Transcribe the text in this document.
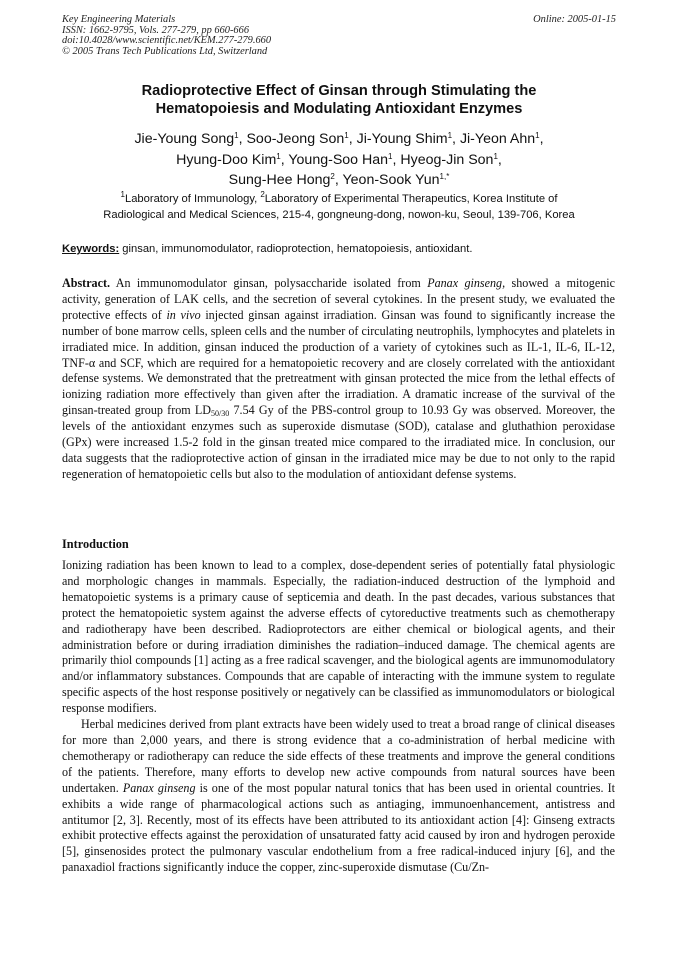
Key Engineering Materials
ISSN: 1662-9795, Vols. 277-279, pp 660-666
doi:10.4028/www.scientific.net/KEM.277-279.660
© 2005 Trans Tech Publications Ltd, Switzerland
Online: 2005-01-15
Radioprotective Effect of Ginsan through Stimulating the
Hematopoiesis and Modulating Antioxidant Enzymes
Jie-Young Song$^1$, Soo-Jeong Son$^1$, Ji-Young Shim$^1$, Ji-Yeon Ahn$^1$,
Hyung-Doo Kim$^1$, Young-Soo Han$^1$, Hyeog-Jin Son$^1$,
Sung-Hee Hong$^2$, Yeon-Sook Yun$^{1,*}$
$^1$Laboratory of Immunology, $^2$Laboratory of Experimental Therapeutics, Korea Institute of
Radiological and Medical Sciences, 215-4, gongneung-dong, nowon-ku, Seoul, 139-706, Korea
Keywords: ginsan, immunomodulator, radioprotection, hematopoiesis, antioxidant.
Abstract. An immunomodulator ginsan, polysaccharide isolated from Panax ginseng, showed a mitogenic activity, generation of LAK cells, and the secretion of several cytokines. In the present study, we evaluated the protective effects of in vivo injected ginsan against irradiation. Ginsan was found to significantly increase the number of bone marrow cells, spleen cells and the number of circulating neutrophils, lymphocytes and platelets in irradiated mice. In addition, ginsan induced the production of a variety of cytokines such as IL-1, IL-6, IL-12, TNF-α and SCF, which are required for a hematopoietic recovery and are closely correlated with the antioxidant defense systems. We demonstrated that the pretreatment with ginsan protected the mice from the lethal effects of ionizing radiation more effectively than given after the irradiation. A dramatic increase of the survival of the ginsan-treated group from $LD_{50/30}$ 7.54 Gy of the PBS-control group to 10.93 Gy was observed. Moreover, the levels of the antioxidant enzymes such as superoxide dismutase (SOD), catalase and gluthathion peroxidase (GPx) were increased 1.5-2 fold in the ginsan treated mice compared to the irradiated mice. In conclusion, our data suggests that the radioprotective action of ginsan in the irradiated mice may be due to not only to the rapid regeneration of hematopoietic cells but also to the modulation of antioxidant defense systems.
Introduction

Ionizing radiation has been known to lead to a complex, dose-dependent series of potentially fatal physiologic and morphologic changes in mammals. Especially, the radiation-induced destruction of the lymphoid and hematopoietic systems is a primary cause of septicemia and death. In the past decades, various substances that protect the hematopoietic system against the adverse effects of cytoreductive treatments such as chemotherapy and radiotherapy have been described. Radioprotectors are either chemical or biological agents, and their administration before or during irradiation diminishes the radiation–induced damage. The chemical agents are primarily thiol compounds [1] acting as a free radical scavenger, and the biological agents are immunomodulatory and/or inflammatory substances. Compounds that are capable of interacting with the immune system to regulate specific aspects of the host response positively or negatively can be classified as immunomodulators or biological response modifiers.

Herbal medicines derived from plant extracts have been widely used to treat a broad range of clinical diseases for more than 2,000 years, and there is strong evidence that a co-administration of herbal medicine with chemotherapy or radiotherapy can reduce the side effects of these treatments and improve the general conditions of the patients. Therefore, many efforts to develop new active compounds from natural sources have been undertaken. Panax ginseng is one of the most popular natural tonics that has been used in oriental countries. It exhibits a wide range of pharmacological actions such as antiaging, immunoenhancement, antistress and antitumor [2, 3]. Recently, most of its effects have been attributed to its antioxidant action [4]: Ginseng extracts exhibit protective effects against the peroxidation of unsaturated fatty acid caused by iron and hydrogen peroxide [5], ginsenosides protect the pulmonary vascular endothelium from a free radical-induced injury [6], and the panaxadiol fractions significantly induce the copper, zinc-superoxide dismutase (Cu/Zn-
